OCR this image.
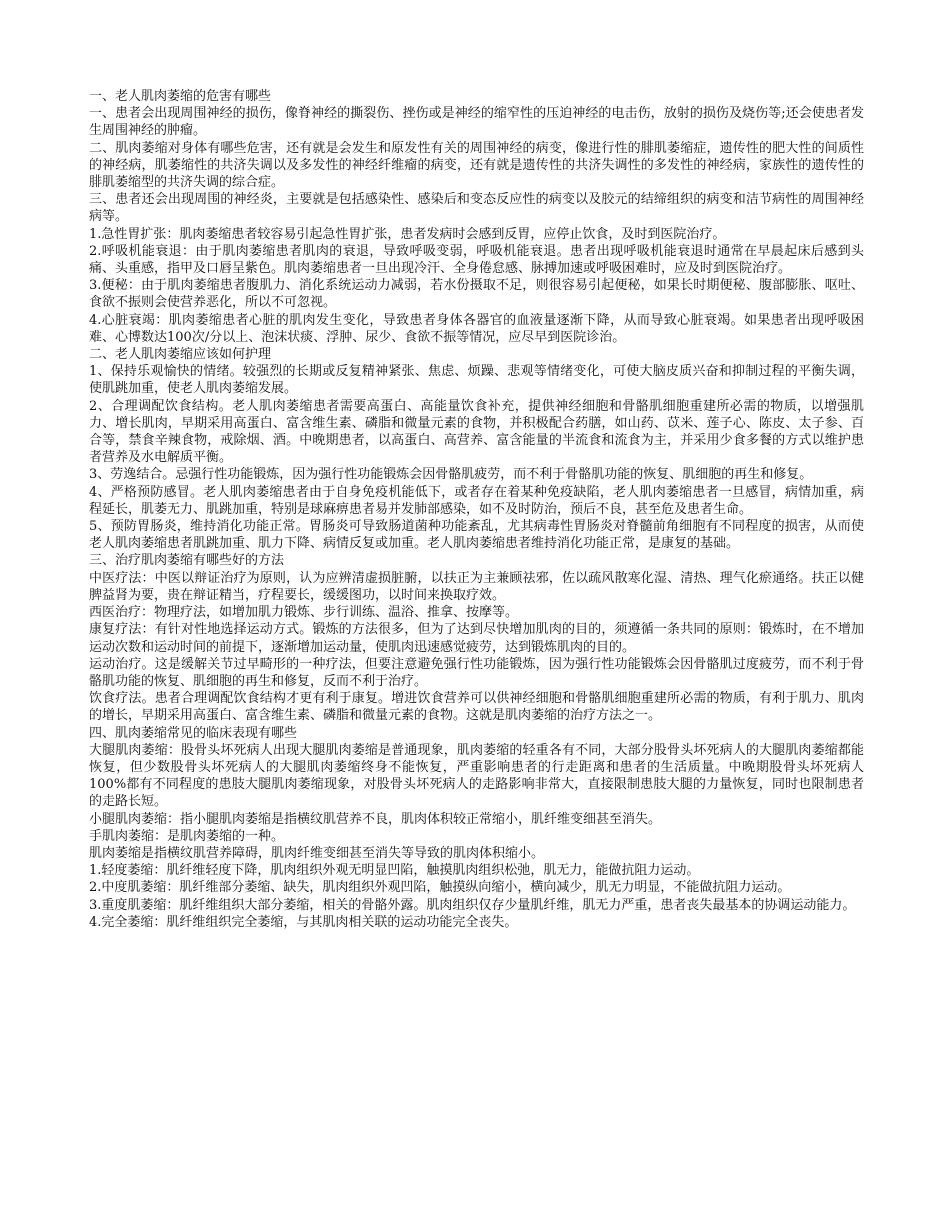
一、老人肌肉萎缩的危害有哪些

一、患者会出现周围神经的损伤，像脊神经的撕裂伤、挫伤或是神经的缩窄性的压迫神经的电击伤，放射的损伤及烧伤等;还会使患者发生周围神经的肿瘤。

二、肌肉萎缩对身体有哪些危害，还有就是会发生和原发性有关的周围神经的病变，像进行性的腓肌萎缩症，遗传性的肥大性的间质性的神经病，肌萎缩性的共济失调以及多发性的神经纤维瘤的病变，还有就是遗传性的共济失调性的多发性的神经病，家族性的遗传性的腓肌萎缩型的共济失调的综合症。

三、患者还会出现周围的神经炎，主要就是包括感染性、感染后和变态反应性的病变以及胶元的结缔组织的病变和洁节病性的周围神经病等。

1.急性胃扩张：肌肉萎缩患者较容易引起急性胃扩张，患者发病时会感到反胃，应停止饮食，及时到医院治疗。

2.呼吸机能衰退：由于肌肉萎缩患者肌肉的衰退，导致呼吸变弱，呼吸机能衰退。患者出现呼吸机能衰退时通常在早晨起床后感到头痛、头重感，指甲及口唇呈紫色。肌肉萎缩患者一旦出现冷汗、全身倦怠感、脉搏加速或呼吸困难时，应及时到医院治疗。

3.便秘：由于肌肉萎缩患者腹肌力、消化系统运动力减弱，若水份摄取不足，则很容易引起便秘，如果长时期便秘、腹部膨胀、呕吐、食欲不振则会使营养恶化，所以不可忽视。

4.心脏衰竭：肌肉萎缩患者心脏的肌肉发生变化，导致患者身体各器官的血液量逐渐下降，从而导致心脏衰竭。如果患者出现呼吸困难、心博数达100次/分以上、泡沫状痰、浮肿、尿少、食欲不振等情况，应尽早到医院诊治。

二、老人肌肉萎缩应该如何护理

1、保持乐观愉快的情绪。较强烈的长期或反复精神紧张、焦虑、烦躁、悲观等情绪变化，可使大脑皮质兴奋和抑制过程的平衡失调，使肌跳加重，使老人肌肉萎缩发展。

2、合理调配饮食结构。老人肌肉萎缩患者需要高蛋白、高能量饮食补充，提供神经细胞和骨骼肌细胞重建所必需的物质，以增强肌力、增长肌肉，早期采用高蛋白、富含维生素、磷脂和微量元素的食物，并积极配合药膳，如山药、苡米、莲子心、陈皮、太子参、百合等，禁食辛辣食物，戒除烟、酒。中晚期患者，以高蛋白、高营养、富含能量的半流食和流食为主，并采用少食多餐的方式以维护患者营养及水电解质平衡。

3、劳逸结合。忌强行性功能锻炼，因为强行性功能锻炼会因骨骼肌疲劳，而不利于骨骼肌功能的恢复、肌细胞的再生和修复。

4、严格预防感冒。老人肌肉萎缩患者由于自身免疫机能低下，或者存在着某种免疫缺陷，老人肌肉萎缩患者一旦感冒，病情加重，病程延长，肌萎无力、肌跳加重，特别是球麻痹患者易并发肺部感染，如不及时防治，预后不良，甚至危及患者生命。

5、预防胃肠炎，维持消化功能正常。胃肠炎可导致肠道菌种功能紊乱，尤其病毒性胃肠炎对脊髓前角细胞有不同程度的损害，从而使老人肌肉萎缩患者肌跳加重、肌力下降、病情反复或加重。老人肌肉萎缩患者维持消化功能正常，是康复的基础。

三、治疗肌肉萎缩有哪些好的方法

中医疗法：中医以辩证治疗为原则，认为应辨清虚损脏腑，以扶正为主兼顾祛邪，佐以疏风散寒化湿、清热、理气化瘀通络。扶正以健脾益肾为要，贵在辩证精当，疗程要长，缓缓图功，以时间来换取疗效。

西医治疗：物理疗法，如增加肌力锻炼、步行训练、温浴、推拿、按摩等。

康复疗法：有针对性地选择运动方式。锻炼的方法很多，但为了达到尽快增加肌肉的目的，须遵循一条共同的原则：锻炼时，在不增加运动次数和运动时间的前提下，逐渐增加运动量，使肌肉迅速感觉疲劳，达到锻炼肌肉的目的。

运动治疗。这是缓解关节过早畸形的一种疗法，但要注意避免强行性功能锻炼，因为强行性功能锻炼会因骨骼肌过度疲劳，而不利于骨骼肌功能的恢复、肌细胞的再生和修复，反而不利于治疗。

饮食疗法。患者合理调配饮食结构才更有利于康复。增进饮食营养可以供神经细胞和骨骼肌细胞重建所必需的物质，有利于肌力、肌肉的增长，早期采用高蛋白、富含维生素、磷脂和微量元素的食物。这就是肌肉萎缩的治疗方法之一。

四、肌肉萎缩常见的临床表现有哪些

大腿肌肉萎缩：股骨头坏死病人出现大腿肌肉萎缩是普通现象，肌肉萎缩的轻重各有不同，大部分股骨头坏死病人的大腿肌肉萎缩都能恢复，但少数股骨头坏死病人的大腿肌肉萎缩终身不能恢复，严重影响患者的行走距离和患者的生活质量。中晚期股骨头坏死病人100%都有不同程度的患肢大腿肌肉萎缩现象，对股骨头坏死病人的走路影响非常大，直接限制患肢大腿的力量恢复，同时也限制患者的走路长短。

小腿肌肉萎缩：指小腿肌肉萎缩是指横纹肌营养不良，肌肉体积较正常缩小，肌纤维变细甚至消失。

手肌肉萎缩：是肌肉萎缩的一种。

肌肉萎缩是指横纹肌营养障碍，肌肉纤维变细甚至消失等导致的肌肉体积缩小。

1.轻度萎缩：肌纤维轻度下降，肌肉组织外观无明显凹陷，触摸肌肉组织松弛，肌无力，能做抗阻力运动。

2.中度肌萎缩：肌纤维部分萎缩、缺失，肌肉组织外观凹陷，触摸纵向缩小，横向减少，肌无力明显，不能做抗阻力运动。

3.重度肌萎缩：肌纤维组织大部分萎缩，相关的骨骼外露。肌肉组织仅存少量肌纤维，肌无力严重，患者丧失最基本的协调运动能力。

4.完全萎缩：肌纤维组织完全萎缩，与其肌肉相关联的运动功能完全丧失。
